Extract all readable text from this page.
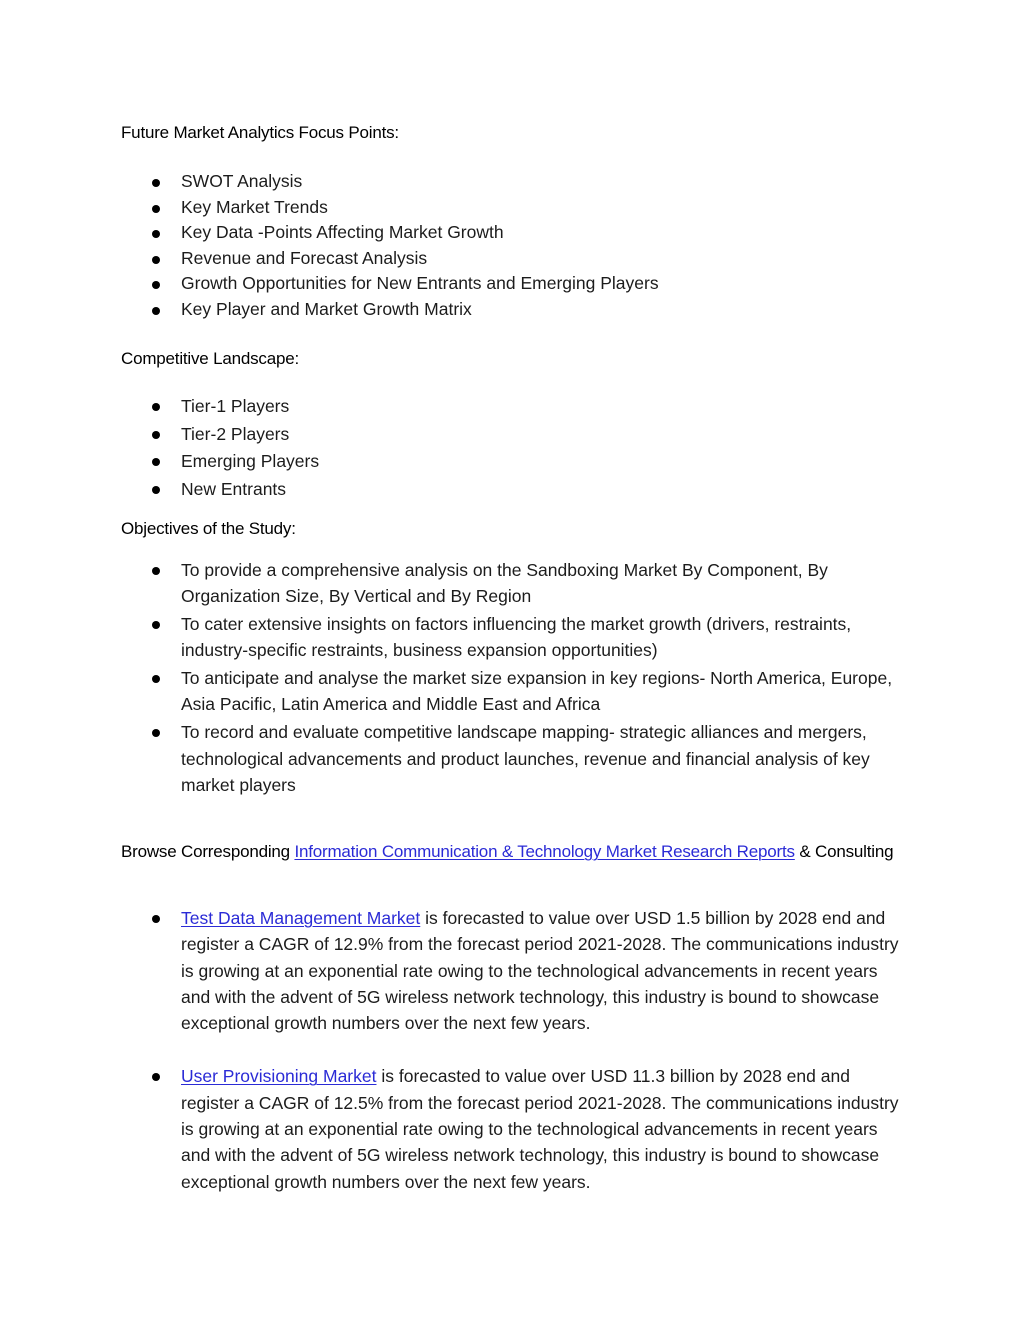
Future Market Analytics Focus Points:
SWOT Analysis
Key Market Trends
Key Data -Points Affecting Market Growth
Revenue and Forecast Analysis
Growth Opportunities for New Entrants and Emerging Players
Key Player and Market Growth Matrix
Competitive Landscape:
Tier-1 Players
Tier-2 Players
Emerging Players
New Entrants
Objectives of the Study:
To provide a comprehensive analysis on the Sandboxing Market By Component, By Organization Size, By Vertical and By Region
To cater extensive insights on factors influencing the market growth (drivers, restraints, industry-specific restraints, business expansion opportunities)
To anticipate and analyse the market size expansion in key regions- North America, Europe, Asia Pacific, Latin America and Middle East and Africa
To record and evaluate competitive landscape mapping- strategic alliances and mergers, technological advancements and product launches, revenue and financial analysis of key market players

Browse Corresponding Information Communication & Technology Market Research Reports & Consulting

Test Data Management Market is forecasted to value over USD 1.5 billion by 2028 end and register a CAGR of 12.9% from the forecast period 2021-2028. The communications industry is growing at an exponential rate owing to the technological advancements in recent years and with the advent of 5G wireless network technology, this industry is bound to showcase exceptional growth numbers over the next few years.
User Provisioning Market is forecasted to value over USD 11.3 billion by 2028 end and register a CAGR of 12.5% from the forecast period 2021-2028. The communications industry is growing at an exponential rate owing to the technological advancements in recent years and with the advent of 5G wireless network technology, this industry is bound to showcase exceptional growth numbers over the next few years.
